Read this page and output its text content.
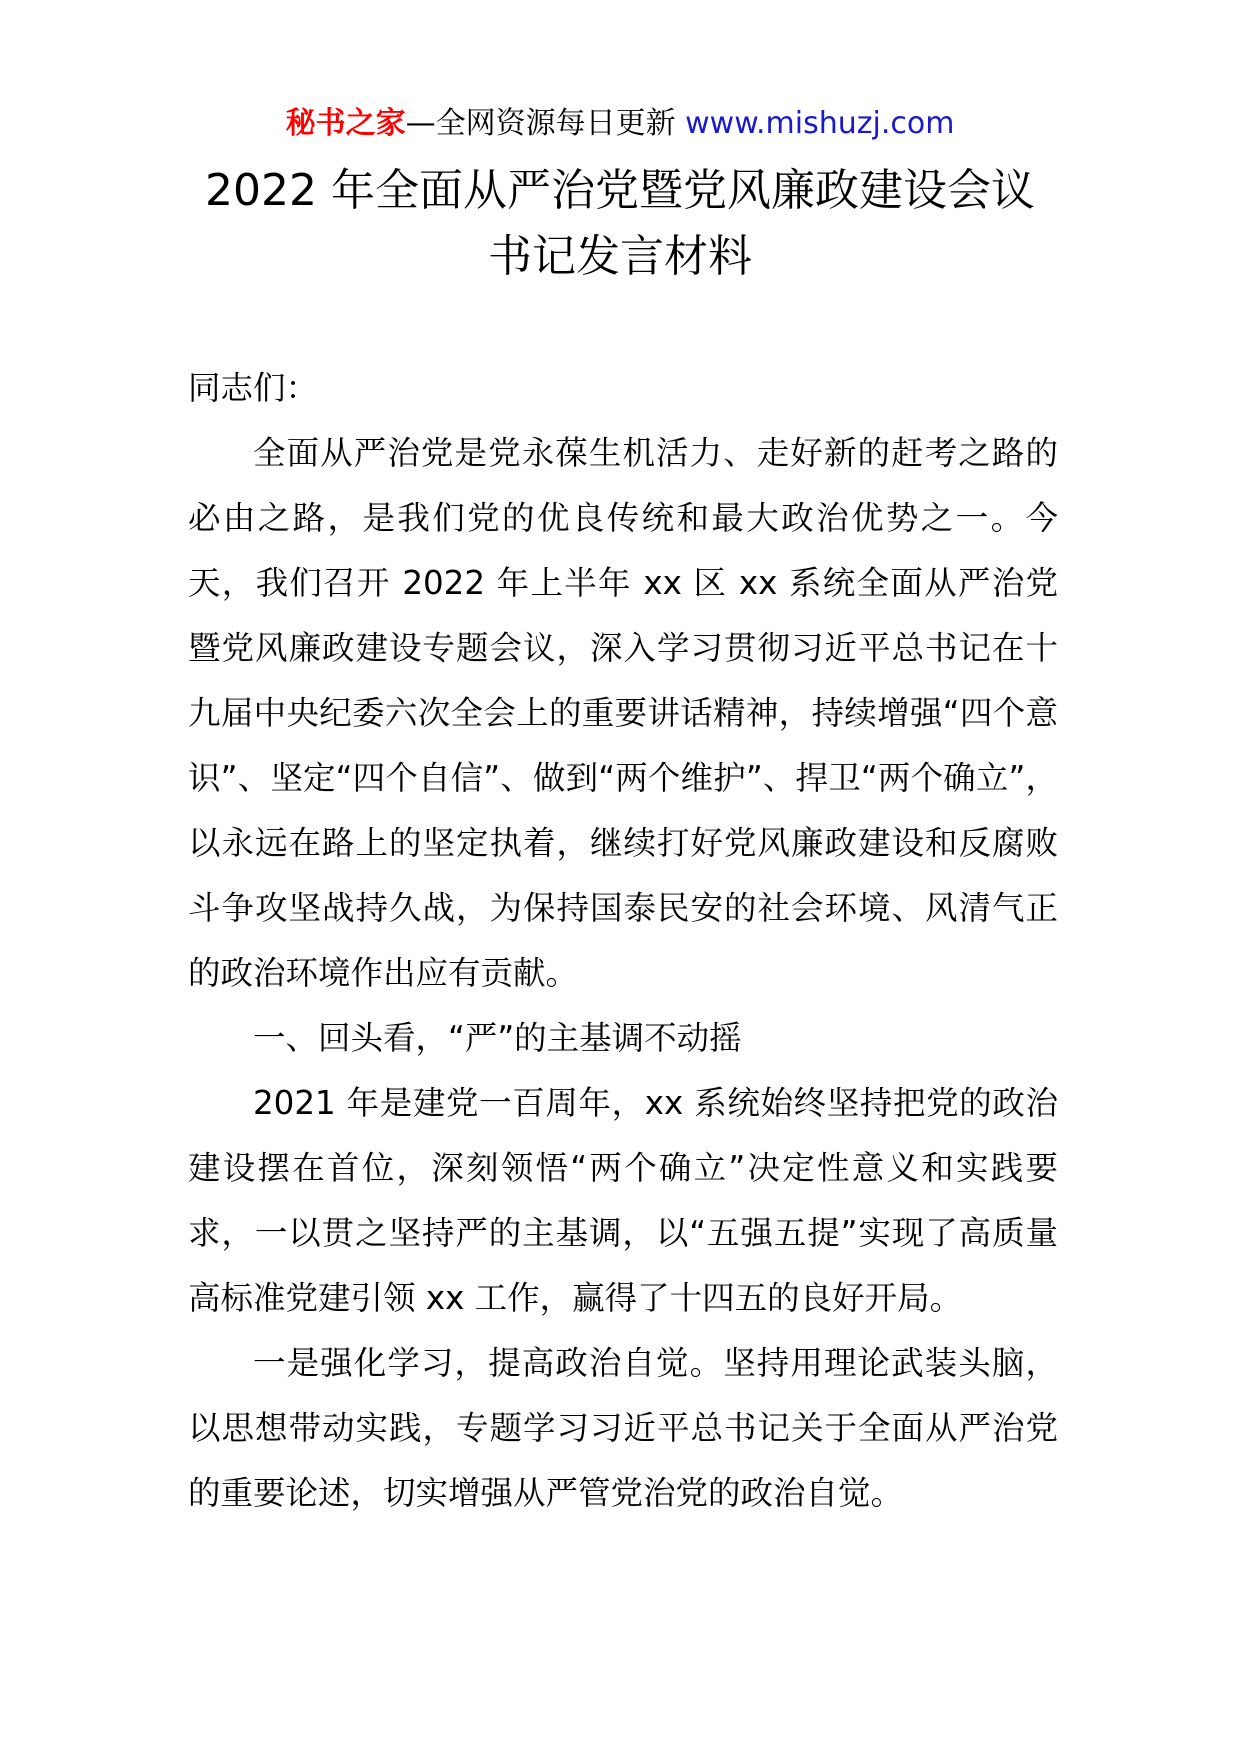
秘书之家—全网资源每日更新 www.mishuzj.com
2022 年全面从严治党暨党风廉政建设会议
书记发言材料

同志们：

全面从严治党是党永葆生机活力、走好新的赶考之路的必由之路，是我们党的优良传统和最大政治优势之一。今天，我们召开 2022 年上半年 xx 区 xx 系统全面从严治党暨党风廉政建设专题会议，深入学习贯彻习近平总书记在十九届中央纪委六次全会上的重要讲话精神，持续增强“四个意识”、坚定“四个自信”、做到“两个维护”、捍卫“两个确立”，以永远在路上的坚定执着，继续打好党风廉政建设和反腐败斗争攻坚战持久战，为保持国泰民安的社会环境、风清气正的政治环境作出应有贡献。

一、回头看，“严”的主基调不动摇

2021 年是建党一百周年，xx 系统始终坚持把党的政治建设摆在首位，深刻领悟“两个确立”决定性意义和实践要求，一以贯之坚持严的主基调，以“五强五提”实现了高质量高标准党建引领 xx 工作，赢得了十四五的良好开局。

一是强化学习，提高政治自觉。坚持用理论武装头脑，以思想带动实践，专题学习习近平总书记关于全面从严治党的重要论述，切实增强从严管党治党的政治自觉。
